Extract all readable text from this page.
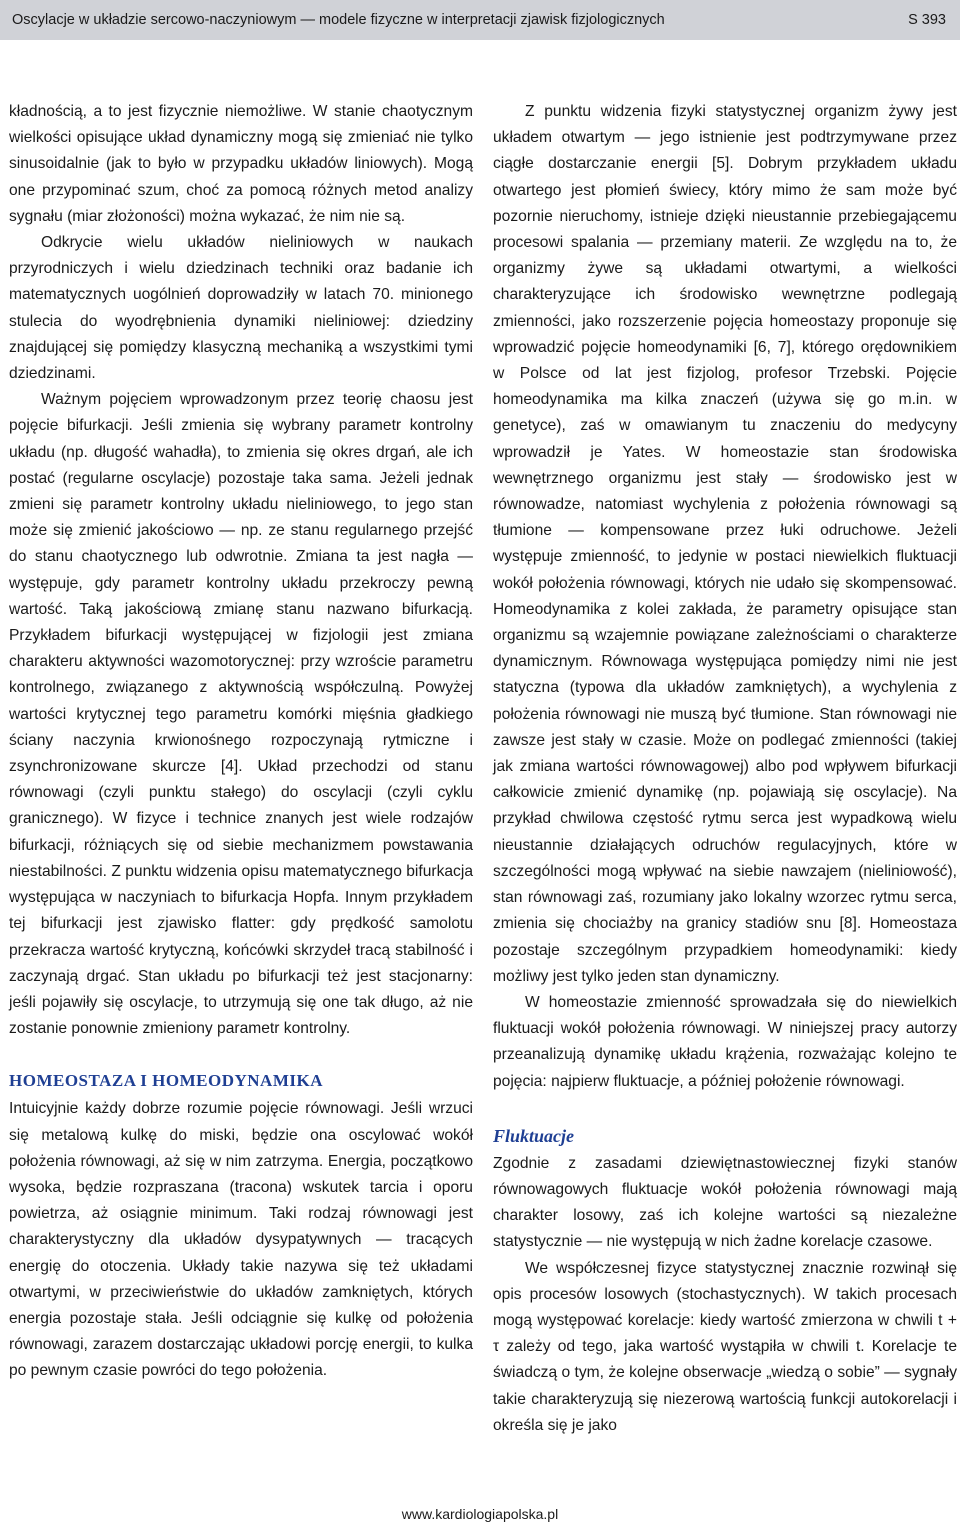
Oscylacje w układzie sercowo-naczyniowym — modele fizyczne w interpretacji zjawisk fizjologicznych	S 393

kładnością, a to jest fizycznie niemożliwe. W stanie chaotycznym wielkości opisujące układ dynamiczny mogą się zmieniać nie tylko sinusoidalnie (jak to było w przypadku układów liniowych). Mogą one przypominać szum, choć za pomocą różnych metod analizy sygnału (miar złożoności) można wykazać, że nim nie są.

Odkrycie wielu układów nieliniowych w naukach przyrodniczych i wielu dziedzinach techniki oraz badanie ich matematycznych uogólnień doprowadziły w latach 70. minionego stulecia do wyodrębnienia dynamiki nieliniowej: dziedziny znajdującej się pomiędzy klasyczną mechaniką a wszystkimi tymi dziedzinami.

Ważnym pojęciem wprowadzonym przez teorię chaosu jest pojęcie bifurkacji. Jeśli zmienia się wybrany parametr kontrolny układu (np. długość wahadła), to zmienia się okres drgań, ale ich postać (regularne oscylacje) pozostaje taka sama. Jeżeli jednak zmieni się parametr kontrolny układu nieliniowego, to jego stan może się zmienić jakościowo — np. ze stanu regularnego przejść do stanu chaotycznego lub odwrotnie. Zmiana ta jest nagła — występuje, gdy parametr kontrolny układu przekroczy pewną wartość. Taką jakościową zmianę stanu nazwano bifurkacją. Przykładem bifurkacji występującej w fizjologii jest zmiana charakteru aktywności wazomotorycznej: przy wzroście parametru kontrolnego, związanego z aktywnością współczulną. Powyżej wartości krytycznej tego parametru komórki mięśnia gładkiego ściany naczynia krwionośnego rozpoczynają rytmiczne i zsynchronizowane skurcze [4]. Układ przechodzi od stanu równowagi (czyli punktu stałego) do oscylacji (czyli cyklu granicznego). W fizyce i technice znanych jest wiele rodzajów bifurkacji, różniących się od siebie mechanizmem powstawania niestabilności. Z punktu widzenia opisu matematycznego bifurkacja występująca w naczyniach to bifurkacja Hopfa. Innym przykładem tej bifurkacji jest zjawisko flatter: gdy prędkość samolotu przekracza wartość krytyczną, końcówki skrzydeł tracą stabilność i zaczynają drgać. Stan układu po bifurkacji też jest stacjonarny: jeśli pojawiły się oscylacje, to utrzymują się one tak długo, aż nie zostanie ponownie zmieniony parametr kontrolny.

HOMEOSTAZA I HOMEODYNAMIKA

Intuicyjnie każdy dobrze rozumie pojęcie równowagi. Jeśli wrzuci się metalową kulkę do miski, będzie ona oscylować wokół położenia równowagi, aż się w nim zatrzyma. Energia, początkowo wysoka, będzie rozpraszana (tracona) wskutek tarcia i oporu powietrza, aż osiągnie minimum. Taki rodzaj równowagi jest charakterystyczny dla układów dysypatywnych — tracących energię do otoczenia. Układy takie nazywa się też układami otwartymi, w przeciwieństwie do układów zamkniętych, których energia pozostaje stała. Jeśli odciągnie się kulkę od położenia równowagi, zarazem dostarczając układowi porcję energii, to kulka po pewnym czasie powróci do tego położenia.

Z punktu widzenia fizyki statystycznej organizm żywy jest układem otwartym — jego istnienie jest podtrzymywane przez ciągłe dostarczanie energii [5]. Dobrym przykładem układu otwartego jest płomień świecy, który mimo że sam może być pozornie nieruchomy, istnieje dzięki nieustannie przebiegającemu procesowi spalania — przemiany materii. Ze względu na to, że organizmy żywe są układami otwartymi, a wielkości charakteryzujące ich środowisko wewnętrzne podlegają zmienności, jako rozszerzenie pojęcia homeostazy proponuje się wprowadzić pojęcie homeodynamiki [6, 7], którego orędownikiem w Polsce od lat jest fizjolog, profesor Trzebski. Pojęcie homeodynamika ma kilka znaczeń (używa się go m.in. w genetyce), zaś w omawianym tu znaczeniu do medycyny wprowadził je Yates. W homeostazie stan środowiska wewnętrznego organizmu jest stały — środowisko jest w równowadze, natomiast wychylenia z położenia równowagi są tłumione — kompensowane przez łuki odruchowe. Jeżeli występuje zmienność, to jedynie w postaci niewielkich fluktuacji wokół położenia równowagi, których nie udało się skompensować. Homeodynamika z kolei zakłada, że parametry opisujące stan organizmu są wzajemnie powiązane zależnościami o charakterze dynamicznym. Równowaga występująca pomiędzy nimi nie jest statyczna (typowa dla układów zamkniętych), a wychylenia z położenia równowagi nie muszą być tłumione. Stan równowagi nie zawsze jest stały w czasie. Może on podlegać zmienności (takiej jak zmiana wartości równowagowej) albo pod wpływem bifurkacji całkowicie zmienić dynamikę (np. pojawiają się oscylacje). Na przykład chwilowa częstość rytmu serca jest wypadkową wielu nieustannie działających odruchów regulacyjnych, które w szczególności mogą wpływać na siebie nawzajem (nieliniowość), stan równowagi zaś, rozumiany jako lokalny wzorzec rytmu serca, zmienia się chociażby na granicy stadiów snu [8]. Homeostaza pozostaje szczególnym przypadkiem homeodynamiki: kiedy możliwy jest tylko jeden stan dynamiczny.

W homeostazie zmienność sprowadzała się do niewielkich fluktuacji wokół położenia równowagi. W niniejszej pracy autorzy przeanalizują dynamikę układu krążenia, rozważając kolejno te pojęcia: najpierw fluktuacje, a później położenie równowagi.

Fluktuacje

Zgodnie z zasadami dziewiętnastowiecznej fizyki stanów równowagowych fluktuacje wokół położenia równowagi mają charakter losowy, zaś ich kolejne wartości są niezależne statystycznie — nie występują w nich żadne korelacje czasowe.

We współczesnej fizyce statystycznej znacznie rozwinął się opis procesów losowych (stochastycznych). W takich procesach mogą występować korelacje: kiedy wartość zmierzona w chwili t + τ zależy od tego, jaka wartość wystąpiła w chwili t. Korelacje te świadczą o tym, że kolejne obserwacje „wiedzą o sobie” — sygnały takie charakteryzują się niezerową wartością funkcji autokorelacji i określa się je jako

www.kardiologiapolska.pl
